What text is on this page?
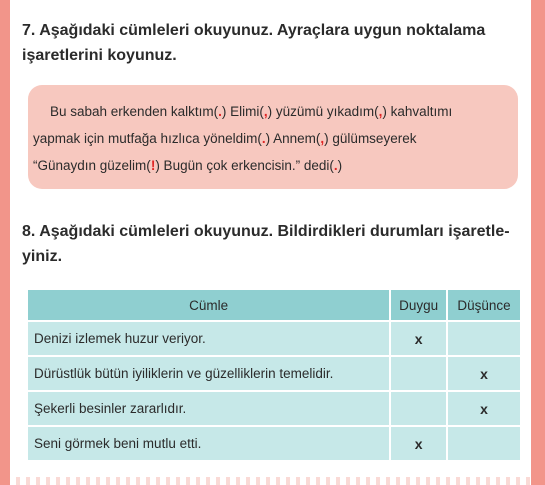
7. Aşağıdaki cümleleri okuyunuz. Ayraçlara uygun noktalama
işaretlerini koyunuz.
Bu sabah erkenden kalktım(.) Elimi(,) yüzümü yıkadım(,) kahvaltımı
yapmak için mutfağa hızlıca yöneldim(.) Annem(,) gülümseyerek
“Günaydın güzelim(!) Bugün çok erkencisin.” dedi(.)
8. Aşağıdaki cümleleri okuyunuz. Bildirdikleri durumları işaretle-
yiniz.
Cümle	Duygu	Düşünce
Denizi izlemek huzur veriyor.	x	
Dürüstlük bütün iyiliklerin ve güzelliklerin temelidir.		x
Şekerli besinler zararlıdır.		x
Seni görmek beni mutlu etti.	x	
